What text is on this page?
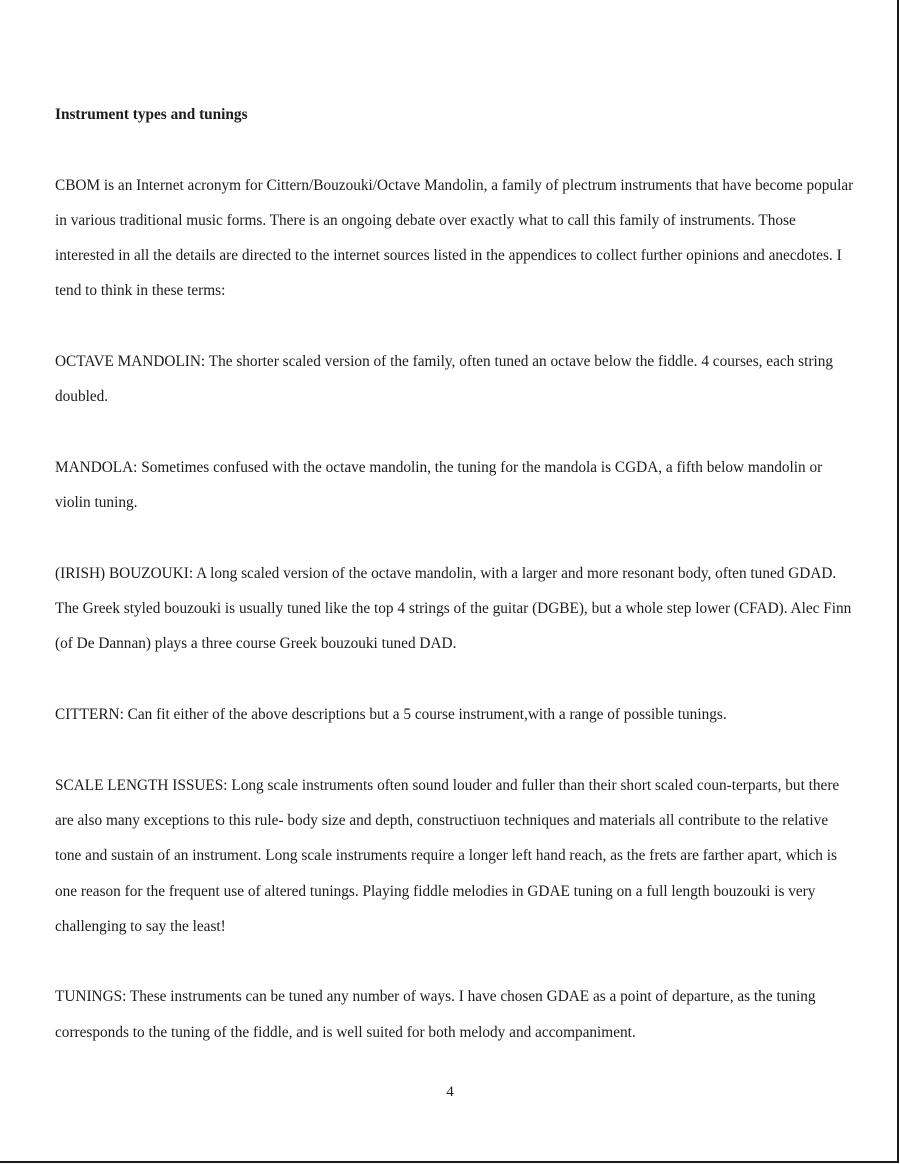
Instrument types and tunings

CBOM is an Internet acronym for Cittern/Bouzouki/Octave Mandolin, a family of plectrum instruments that have become popular in various traditional music forms. There is an ongoing debate over exactly what to call this family of instruments. Those interested in all the details are directed to the internet sources listed in the appendices to collect further opinions and anecdotes. I tend to think in these terms:

OCTAVE MANDOLIN: The shorter scaled version of the family, often tuned an octave below the fiddle. 4 courses, each string doubled.

MANDOLA: Sometimes confused with the octave mandolin, the tuning for the mandola is CGDA, a fifth below mandolin or violin tuning.

(IRISH) BOUZOUKI: A long scaled version of the octave mandolin, with a larger and more resonant body, often tuned GDAD. The Greek styled bouzouki is usually tuned like the top 4 strings of the guitar (DGBE), but a whole step lower (CFAD). Alec Finn (of De Dannan) plays a three course Greek bouzouki tuned DAD.

CITTERN: Can fit either of the above descriptions but a 5 course instrument,with a range of possible tunings.

SCALE LENGTH ISSUES: Long scale instruments often sound louder and fuller than their short scaled coun-terparts, but there are also many exceptions to this rule- body size and depth, constructiuon techniques and materials all contribute to the relative tone and sustain of an instrument. Long scale instruments require a longer left hand reach, as the frets are farther apart, which is one reason for the frequent use of altered tunings. Playing fiddle melodies in GDAE tuning on a full length bouzouki is very challenging to say the least!

TUNINGS: These instruments can be tuned any number of ways. I have chosen GDAE as a point of departure, as the tuning corresponds to the tuning of the fiddle, and is well suited for both melody and accompaniment.

4
